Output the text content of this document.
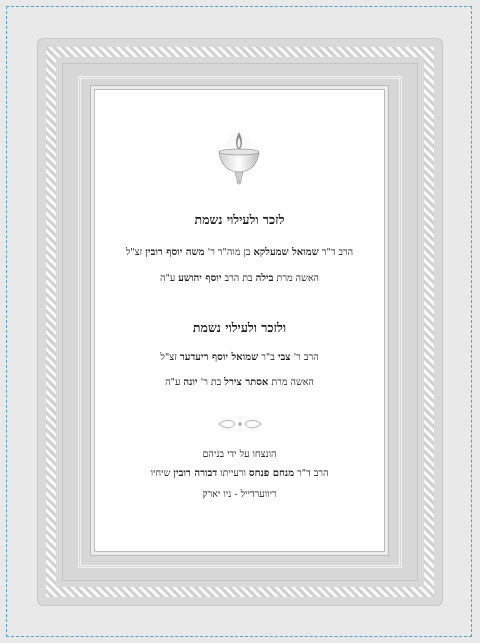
לזכר ולעילוי נשמת
הרב ד"ר שמואל שמעלקא בן מוה"ר ר' משה יוסף רובין זצ"ל
האשה מרת בילה בת הרב יוסף יהושע ע"ה
ולזכר ולעילוי נשמת
הרב ר' צבי ב"ר שמואל יוסף ריעדער זצ"ל
האשה מרת אסתר צירל בת ר' יונה ע"ה
הונצחו על ידי בניהם
הרב ד"ר מנחם פנחס ורעייתו דבורה רובין שיחיו
ריווערדייל - ניו יארק
